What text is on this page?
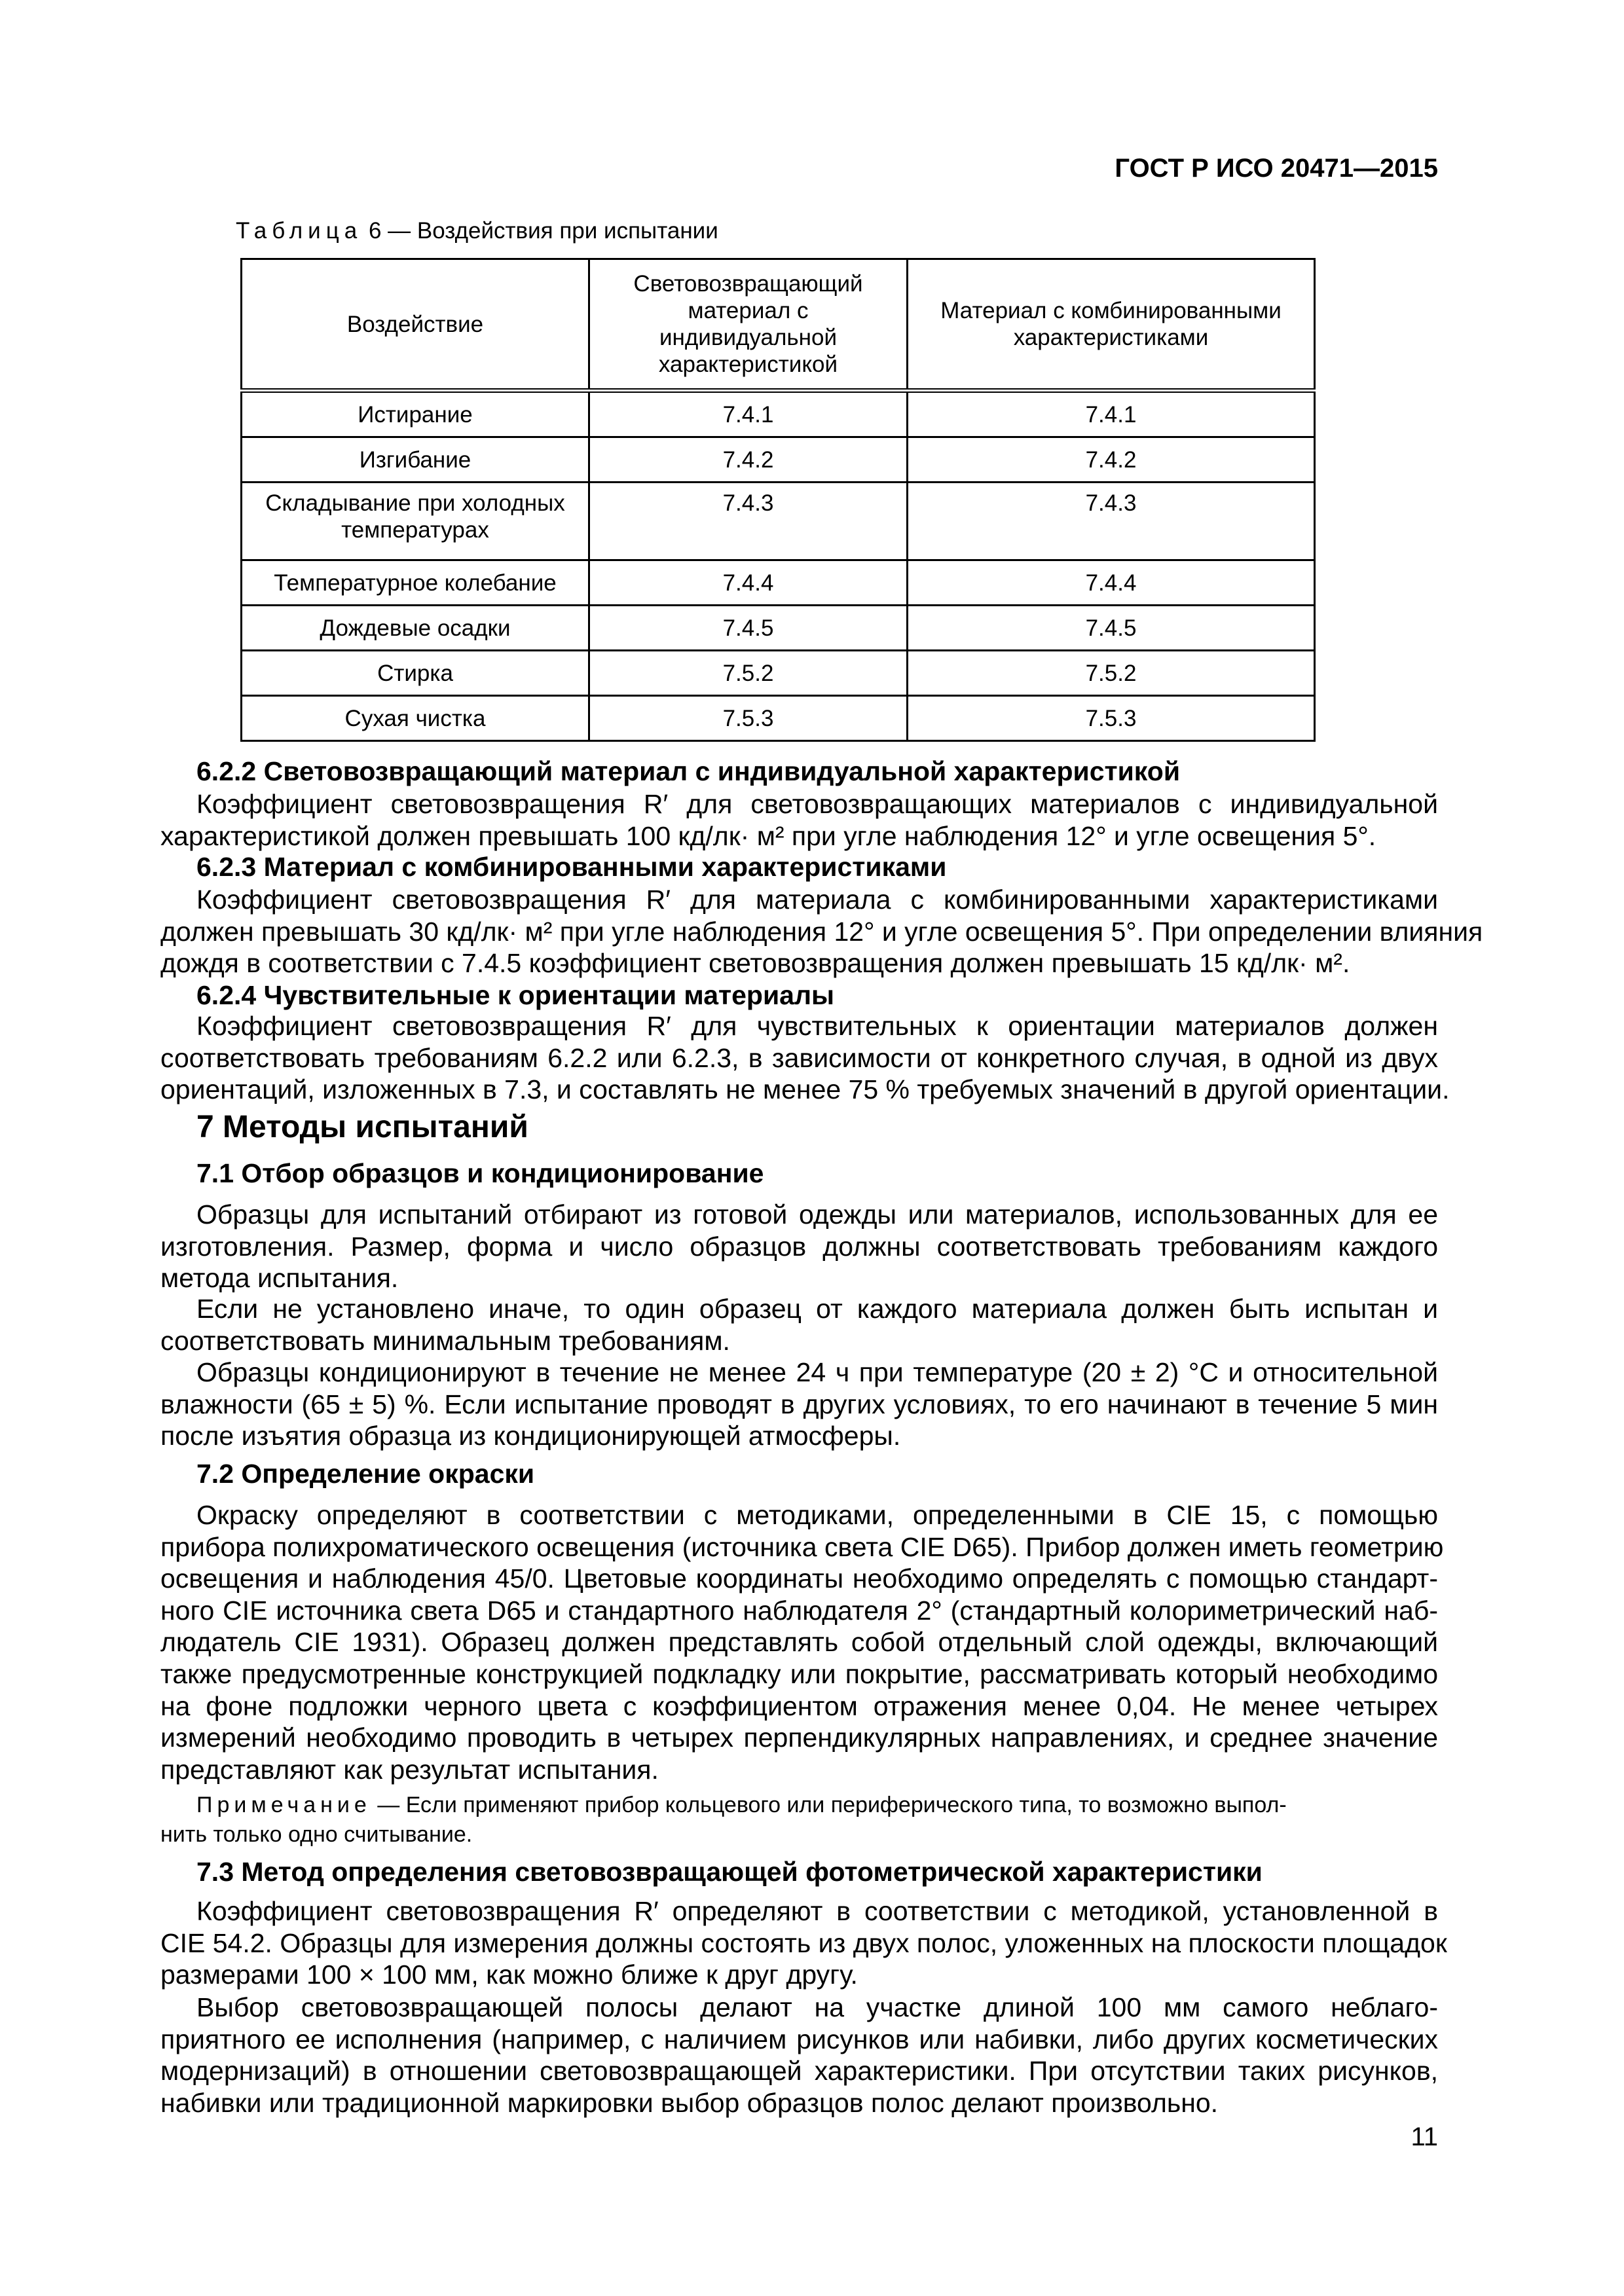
ГОСТ Р ИСО 20471—2015
Таблица 6 — Воздействия при испытании
Воздействие	Световозвращающий материал с индивидуальной характеристикой	Материал с комбинированными характеристиками
Истирание	7.4.1	7.4.1
Изгибание	7.4.2	7.4.2
Складывание при холодных температурах	7.4.3	7.4.3
Температурное колебание	7.4.4	7.4.4
Дождевые осадки	7.4.5	7.4.5
Стирка	7.5.2	7.5.2
Сухая чистка	7.5.3	7.5.3
6.2.2 Световозвращающий материал с индивидуальной характеристикой
Коэффициент световозвращения R′ для световозвращающих материалов с индивидуальной
характеристикой должен превышать 100 кд/лк· м² при угле наблюдения 12° и угле освещения 5°.
6.2.3 Материал с комбинированными характеристиками
Коэффициент световозвращения R′ для материала с комбинированными характеристиками
должен превышать 30 кд/лк· м² при угле наблюдения 12° и угле освещения 5°. При определении влияния
дождя в соответствии с 7.4.5 коэффициент световозвращения должен превышать 15 кд/лк· м².
6.2.4 Чувствительные к ориентации материалы
Коэффициент световозвращения R′ для чувствительных к ориентации материалов должен
соответствовать требованиям 6.2.2 или 6.2.3, в зависимости от конкретного случая, в одной из двух
ориентаций, изложенных в 7.3, и составлять не менее 75 % требуемых значений в другой ориентации.
7 Методы испытаний
7.1 Отбор образцов и кондиционирование
Образцы для испытаний отбирают из готовой одежды или материалов, использованных для ее
изготовления. Размер, форма и число образцов должны соответствовать требованиям каждого
метода испытания.
Если не установлено иначе, то один образец от каждого материала должен быть испытан и
соответствовать минимальным требованиям.
Образцы кондиционируют в течение не менее 24 ч при температуре (20 ± 2) °С и относительной
влажности (65 ± 5) %. Если испытание проводят в других условиях, то его начинают в течение 5 мин
после изъятия образца из кондиционирующей атмосферы.
7.2 Определение окраски
Окраску определяют в соответствии с методиками, определенными в CIE 15, с помощью
прибора полихроматического освещения (источника света CIE D65). Прибор должен иметь геометрию
освещения и наблюдения 45/0. Цветовые координаты необходимо определять с помощью стандарт-
ного CIE источника света D65 и стандартного наблюдателя 2° (стандартный колориметрический наб-
людатель CIE 1931). Образец должен представлять собой отдельный слой одежды, включающий
также предусмотренные конструкцией подкладку или покрытие, рассматривать который необходимо
на фоне подложки черного цвета с коэффициентом отражения менее 0,04. Не менее четырех
измерений необходимо проводить в четырех перпендикулярных направлениях, и среднее значение
представляют как результат испытания.
Примечание — Если применяют прибор кольцевого или периферического типа, то возможно выпол-
нить только одно считывание.
7.3 Метод определения световозвращающей фотометрической характеристики
Коэффициент световозвращения R′ определяют в соответствии с методикой, установленной в
CIE 54.2. Образцы для измерения должны состоять из двух полос, уложенных на плоскости площадок
размерами 100 × 100 мм, как можно ближе к друг другу.
Выбор световозвращающей полосы делают на участке длиной 100 мм самого неблаго-
приятного ее исполнения (например, с наличием рисунков или набивки, либо других косметических
модернизаций) в отношении световозвращающей характеристики. При отсутствии таких рисунков,
набивки или традиционной маркировки выбор образцов полос делают произвольно.
11
